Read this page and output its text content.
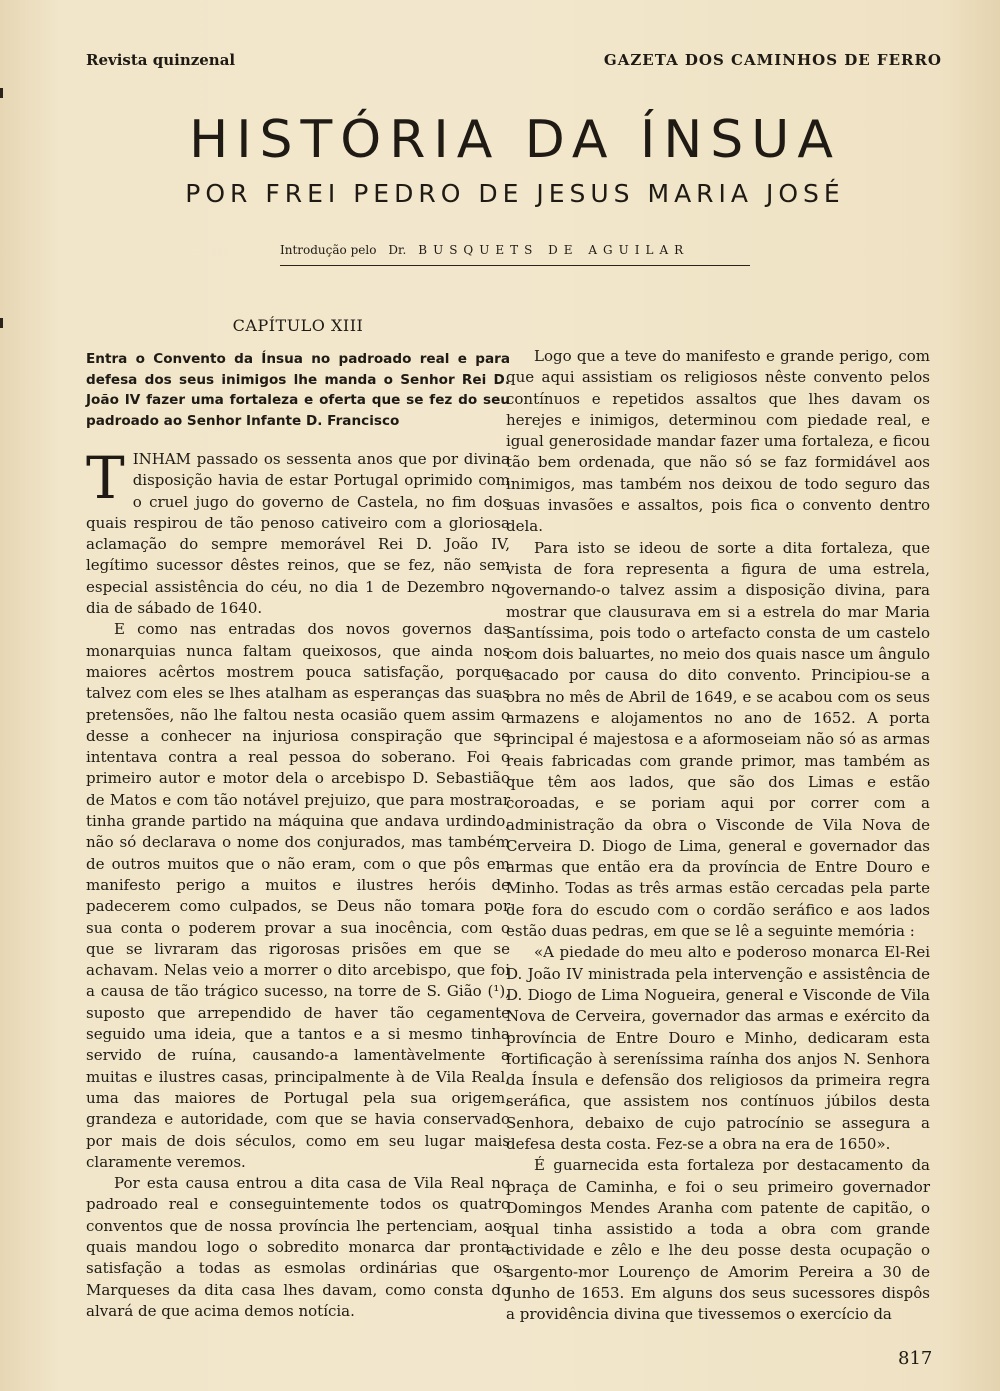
Revista quinzenal	GAZETA DOS CAMINHOS DE FERRO
HISTÓRIA DA ÍNSUA
POR FREI PEDRO DE JESUS MARIA JOSÉ
Introdução pelo Dr. BUSQUETS DE AGUILAR
CAPÍTULO XIII
Entra o Convento da Ínsua no padroado real e para defesa dos seus inimigos lhe manda o Senhor Rei D. João IV fazer uma fortaleza e oferta que se fez do seu padroado ao Senhor Infante D. Francisco

TINHAM passado os sessenta anos que por divina disposição havia de estar Portugal oprimido com o cruel jugo do governo de Castela, no fim dos quais respirou de tão penoso cativeiro com a gloriosa aclamação do sempre memorável Rei D. João IV, legítimo sucessor dêstes reinos, que se fez, não sem especial assistência do céu, no dia 1 de Dezembro no dia de sábado de 1640.

E como nas entradas dos novos governos das monarquias nunca faltam queixosos, que ainda nos maiores acêrtos mostrem pouca satisfação, porque talvez com eles se lhes atalham as esperanças das suas pretensões, não lhe faltou nesta ocasião quem assim o desse a conhecer na injuriosa conspiração que se intentava contra a real pessoa do soberano. Foi o primeiro autor e motor dela o arcebispo D. Sebastião de Matos e com tão notável prejuizo, que para mostrar tinha grande partido na máquina que andava urdindo, não só declarava o nome dos conjurados, mas também de outros muitos que o não eram, com o que pôs em manifesto perigo a muitos e ilustres heróis de padecerem como culpados, se Deus não tomara por sua conta o poderem provar a sua inocência, com o que se livraram das rigorosas prisões em que se achavam. Nelas veio a morrer o dito arcebispo, que foi a causa de tão trágico sucesso, na torre de S. Gião (¹), suposto que arrependido de haver tão cegamente seguido uma ideia, que a tantos e a si mesmo tinha servido de ruína, causando-a lamentàvelmente a muitas e ilustres casas, principalmente à de Vila Real, uma das maiores de Portugal pela sua origem, grandeza e autoridade, com que se havia conservado por mais de dois séculos, como em seu lugar mais claramente veremos.

Por esta causa entrou a dita casa de Vila Real no padroado real e conseguintemente todos os quatro conventos que de nossa província lhe pertenciam, aos quais mandou logo o sobredito monarca dar pronta satisfação a todas as esmolas ordinárias que os Marqueses da dita casa lhes davam, como consta do alvará de que acima demos notícia.

Logo que a teve do manifesto e grande perigo, com que aqui assistiam os religiosos nêste convento pelos contínuos e repetidos assaltos que lhes davam os herejes e inimigos, determinou com piedade real, e igual generosidade mandar fazer uma fortaleza, e ficou tão bem ordenada, que não só se faz formidável aos inimigos, mas também nos deixou de todo seguro das suas invasões e assaltos, pois fica o convento dentro dela.

Para isto se ideou de sorte a dita fortaleza, que vista de fora representa a figura de uma estrela, governando-o talvez assim a disposição divina, para mostrar que clausurava em si a estrela do mar Maria Santíssima, pois todo o artefacto consta de um castelo com dois baluartes, no meio dos quais nasce um ângulo sacado por causa do dito convento. Principiou-se a obra no mês de Abril de 1649, e se acabou com os seus armazens e alojamentos no ano de 1652. A porta principal é majestosa e a aformoseiam não só as armas reais fabricadas com grande primor, mas também as que têm aos lados, que são dos Limas e estão coroadas, e se poriam aqui por correr com a administração da obra o Visconde de Vila Nova de Cerveira D. Diogo de Lima, general e governador das armas que então era da província de Entre Douro e Minho. Todas as três armas estão cercadas pela parte de fora do escudo com o cordão seráfico e aos lados estão duas pedras, em que se lê a seguinte memória :

«A piedade do meu alto e poderoso monarca El-Rei D. João IV ministrada pela intervenção e assistência de D. Diogo de Lima Nogueira, general e Visconde de Vila Nova de Cerveira, governador das armas e exército da província de Entre Douro e Minho, dedicaram esta fortificação à sereníssima raínha dos anjos N. Senhora da Ínsula e defensão dos religiosos da primeira regra seráfica, que assistem nos contínuos júbilos desta Senhora, debaixo de cujo patrocínio se assegura a defesa desta costa. Fez-se a obra na era de 1650».

É guarnecida esta fortaleza por destacamento da praça de Caminha, e foi o seu primeiro governador Domingos Mendes Aranha com patente de capitão, o qual tinha assistido a toda a obra com grande actividade e zêlo e lhe deu posse desta ocupação o sargento-mor Lourenço de Amorim Pereira a 30 de Junho de 1653. Em alguns dos seus sucessores dispôs a providência divina que tivessemos o exercício da

817
